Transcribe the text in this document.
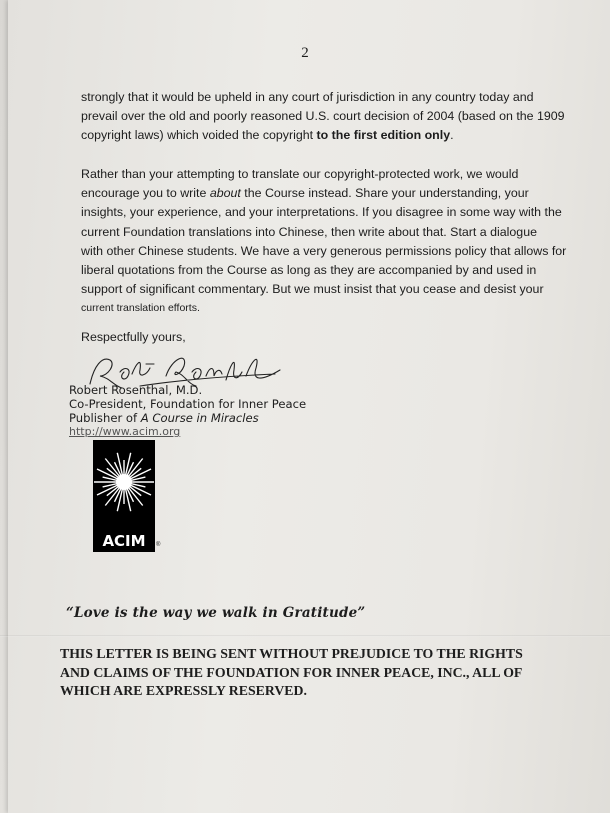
2

strongly that it would be upheld in any court of jurisdiction in any country today and
prevail over the old and poorly reasoned U.S. court decision of 2004 (based on the 1909
copyright laws) which voided the copyright to the first edition only.

Rather than your attempting to translate our copyright-protected work, we would
encourage you to write about the Course instead. Share your understanding, your
insights, your experience, and your interpretations. If you disagree in some way with the
current Foundation translations into Chinese, then write about that. Start a dialogue
with other Chinese students. We have a very generous permissions policy that allows for
liberal quotations from the Course as long as they are accompanied by and used in
support of significant commentary. But we must insist that you cease and desist your
current translation efforts.

Respectfully yours,
Robert Rosenthal, M.D.
Co-President, Foundation for Inner Peace
Publisher of A Course in Miracles
http://www.acim.org
ACIM	®
“Love is the way we walk in Gratitude”
THIS LETTER IS BEING SENT WITHOUT PREJUDICE TO THE RIGHTS
AND CLAIMS OF THE FOUNDATION FOR INNER PEACE, INC., ALL OF
WHICH ARE EXPRESSLY RESERVED.
